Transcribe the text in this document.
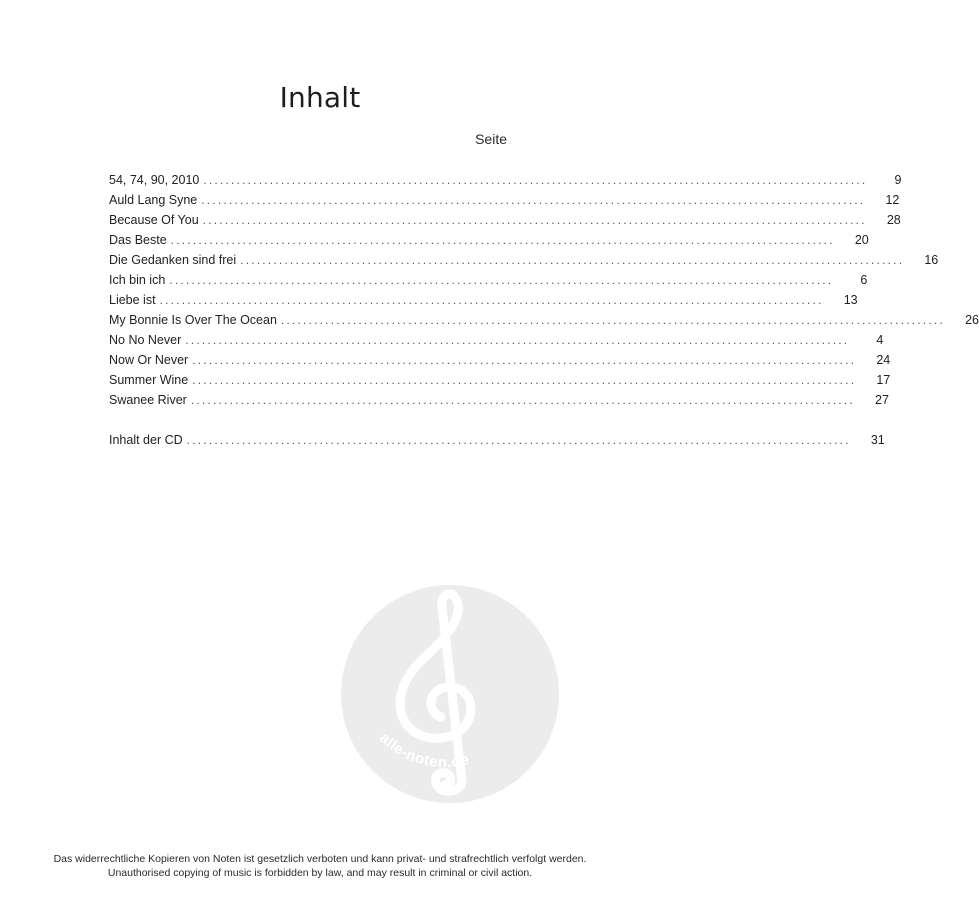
Inhalt
Seite
54, 74, 90, 2010 ........................................................................................................................	9
Auld Lang Syne ........................................................................................................................	12
Because Of You ........................................................................................................................	28
Das Beste ........................................................................................................................	20
Die Gedanken sind frei ........................................................................................................................	16
Ich bin ich ........................................................................................................................	6
Liebe ist ........................................................................................................................	13
My Bonnie Is Over The Ocean ........................................................................................................................	26
No No Never ........................................................................................................................	4
Now Or Never ........................................................................................................................	24
Summer Wine ........................................................................................................................	17
Swanee River ........................................................................................................................	27
Inhalt der CD ........................................................................................................................	31
alle-noten.de
Das widerrechtliche Kopieren von Noten ist gesetzlich verboten und kann privat- und strafrechtlich verfolgt werden.
Unauthorised copying of music is forbidden by law, and may result in criminal or civil action.
